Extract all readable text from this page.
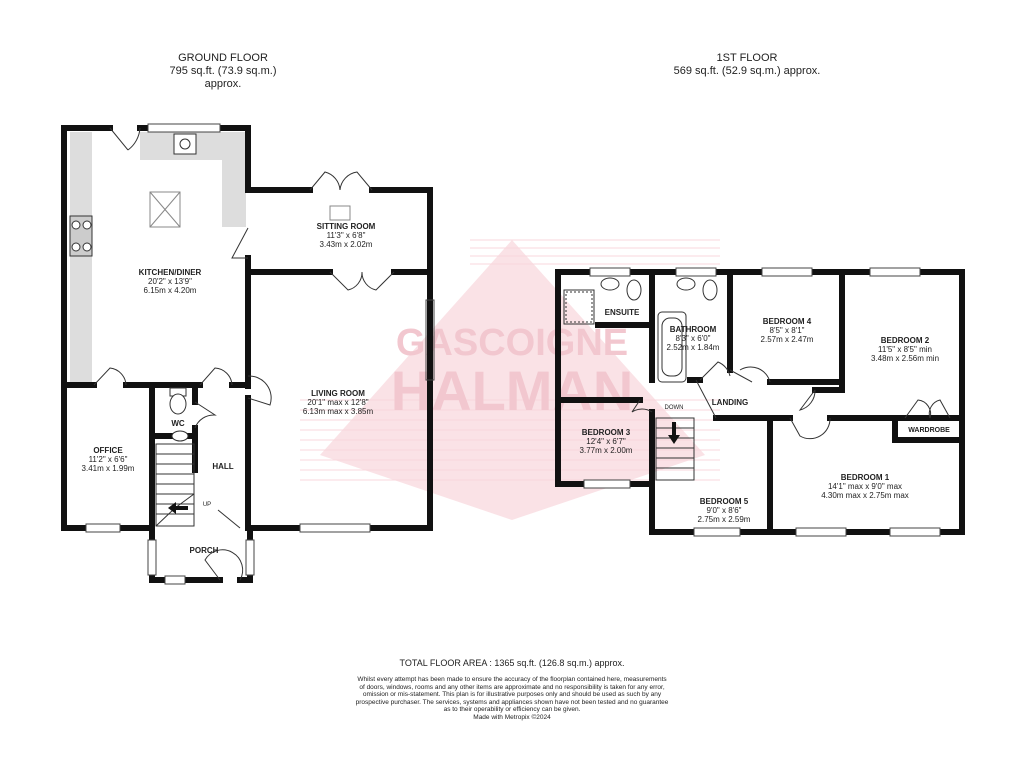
GROUND FLOOR
795 sq.ft. (73.9 sq.m.) approx.
1ST FLOOR
569 sq.ft. (52.9 sq.m.) approx.
GASCOIGNE
HALMAN
KITCHEN/DINER
20'2" x 13'9"
6.15m x 4.20m
SITTING ROOM
11'3" x 6'8"
3.43m x 2.02m
LIVING ROOM
20'1" max x 12'8"
6.13m max x 3.85m
OFFICE
11'2" x 6'6"
3.41m x 1.99m
WC
HALL
PORCH
UP
ENSUITE
BATHROOM
8'3" x 6'0"
2.52m x 1.84m
BEDROOM 4
8'5" x 8'1"
2.57m x 2.47m	BEDROOM 2
11'5" x 8'5" min
3.48m x 2.56m min
BEDROOM 3
12'4" x 6'7"
3.77m x 2.00m
BEDROOM 5
9'0" x 8'6"
2.75m x 2.59m
BEDROOM 1
14'1" max x 9'0" max
4.30m max x 2.75m max
LANDING
WARDROBE
DOWN
TOTAL FLOOR AREA : 1365 sq.ft. (126.8 sq.m.) approx.
Whilst every attempt has been made to ensure the accuracy of the floorplan contained here, measurements
of doors, windows, rooms and any other items are approximate and no responsibility is taken for any error,
omission or mis-statement. This plan is for illustrative purposes only and should be used as such by any
prospective purchaser. The services, systems and appliances shown have not been tested and no guarantee
as to their operability or efficiency can be given.
Made with Metropix ©2024
